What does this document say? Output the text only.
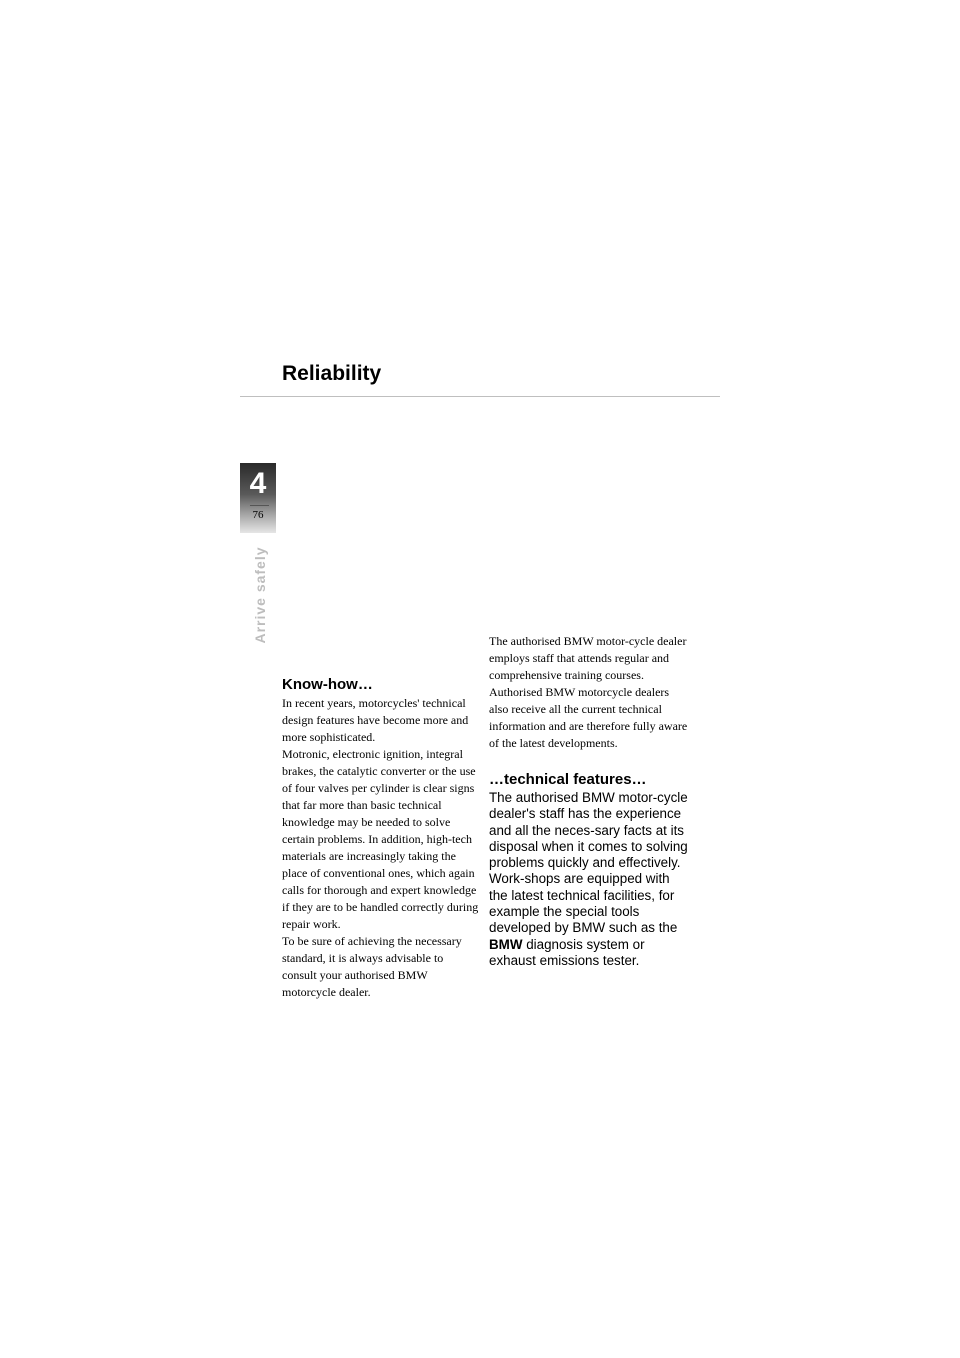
Reliability
4
76
Arrive safely
Know-how…

In recent years, motorcycles' technical design features have become more and more sophisticated.

Motronic, electronic ignition, integral brakes, the catalytic converter or the use of four valves per cylinder is clear signs that far more than basic technical knowledge may be needed to solve certain problems. In addition, high-tech materials are increasingly taking the place of conventional ones, which again calls for thorough and expert knowledge if they are to be handled correctly during repair work.

To be sure of achieving the necessary standard, it is always advisable to consult your authorised BMW motorcycle dealer.

The authorised BMW motor-cycle dealer employs staff that attends regular and comprehensive training courses.

Authorised BMW motorcycle dealers also receive all the current technical information and are therefore fully aware of the latest developments.

…technical features…

The authorised BMW motor-cycle dealer's staff has the experience and all the neces-sary facts at its disposal when it comes to solving problems quickly and effectively. Work-shops are equipped with the latest technical facilities, for example the special tools developed by BMW such as the BMW diagnosis system or exhaust emissions tester.
